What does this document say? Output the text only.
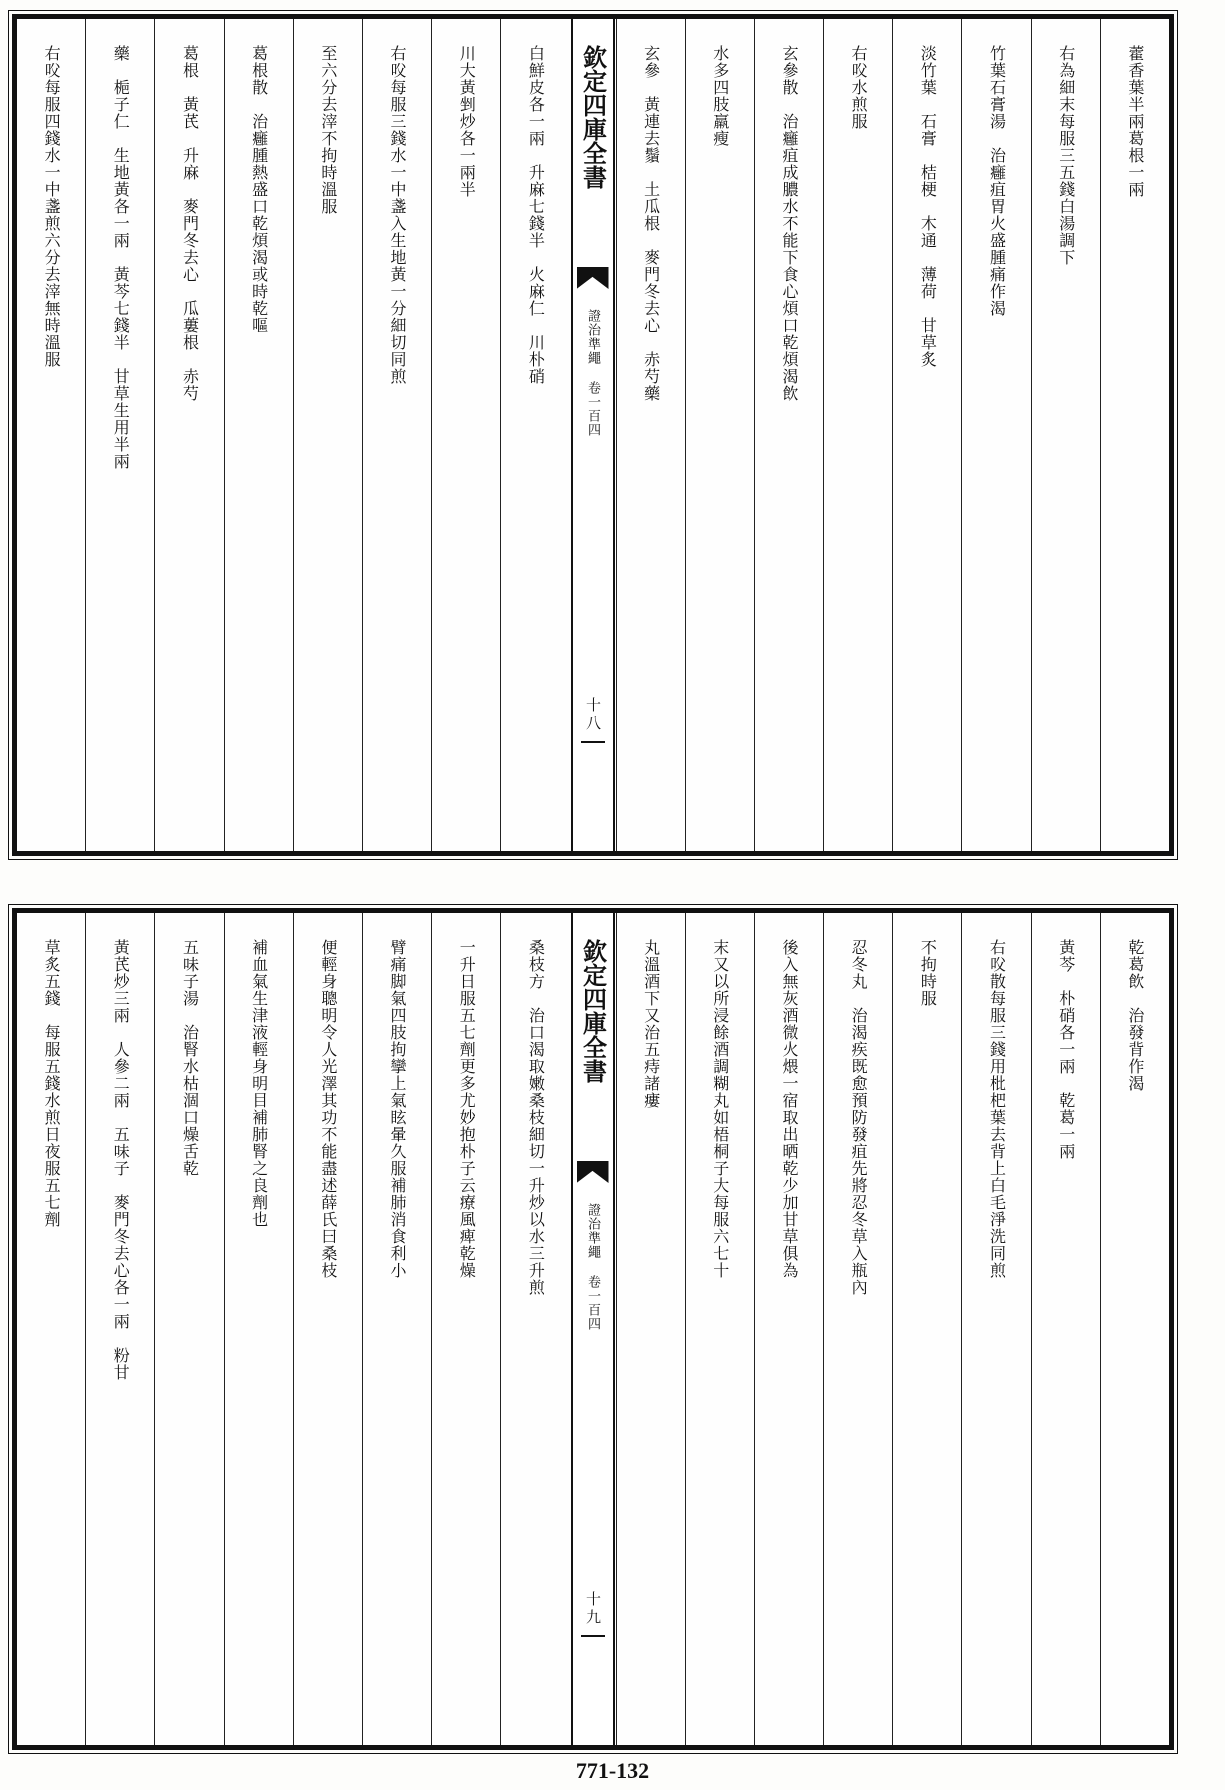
藿香葉半兩葛根一兩
右為細末每服三五錢白湯調下
竹葉石膏湯　治癰疽胃火盛腫痛作渴
淡竹葉　石膏　桔梗　木通　薄荷　甘草炙
右㕮水煎服
玄參散　治癰疽成膿水不能下食心煩口乾煩渴飲
水多四肢羸瘦
玄參　黃連去鬚　土瓜根　麥門冬去心　赤芍藥
欽定四庫全書
證治準繩 卷一百四
十八
白鮮皮各一兩　升麻七錢半　火麻仁　川朴硝
川大黃剉炒各一兩半
右㕮每服三錢水一中盞入生地黃一分細切同煎
至六分去滓不拘時溫服
葛根散　治癰腫熱盛口乾煩渴或時乾嘔
葛根　黃芪　升麻　麥門冬去心　瓜蔞根　赤芍
藥　梔子仁　生地黃各一兩　黃芩七錢半　甘草生用半兩
右㕮每服四錢水一中盞煎六分去滓無時溫服
乾葛飲　治發背作渴
黃芩　朴硝各一兩　乾葛一兩
右㕮散每服三錢用枇杷葉去背上白毛淨洗同煎
不拘時服
忍冬丸　治渴疾既愈預防發疽先將忍冬草入瓶內
後入無灰酒微火煨一宿取出晒乾少加甘草俱為
末又以所浸餘酒調糊丸如梧桐子大每服六七十
丸溫酒下又治五痔諸瘻
欽定四庫全書
證治準繩 卷一百四
十九
桑枝方　治口渴取嫩桑枝細切一升炒以水三升煎
一升日服五七劑更多尤妙抱朴子云療風痺乾燥
臂痛脚氣四肢拘攣上氣眩暈久服補肺消食利小
便輕身聰明令人光澤其功不能盡述薛氏曰桑枝
補血氣生津液輕身明目補肺腎之良劑也
五味子湯　治腎水枯涸口燥舌乾
黃芪炒三兩　人參二兩　五味子　麥門冬去心各一兩　粉甘
草炙五錢　每服五錢水煎日夜服五七劑
771-132
